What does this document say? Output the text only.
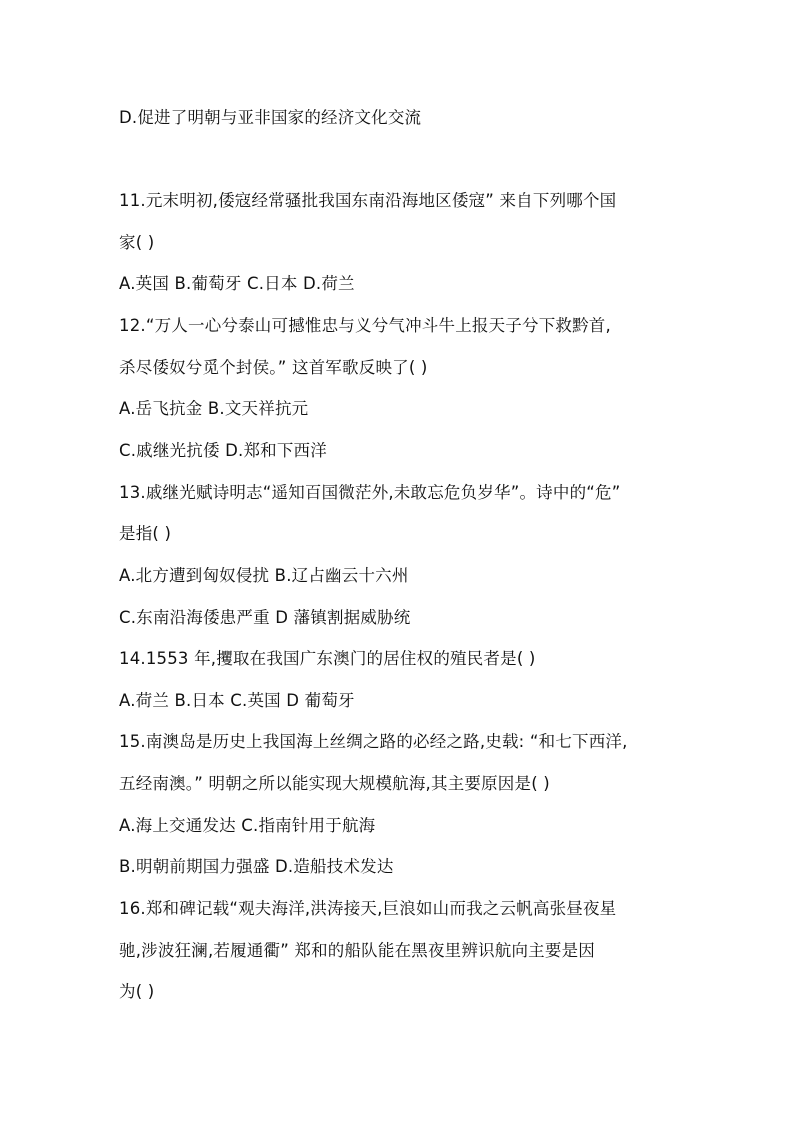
D.促进了明朝与亚非国家的经济文化交流
11.元末明初,倭寇经常骚批我国东南沿海地区倭寇” 来自下列哪个国
家( )
A.英国 B.葡萄牙 C.日本 D.荷兰
12.“万人一心兮泰山可撼惟忠与义兮气冲斗牛上报天子兮下救黔首,
杀尽倭奴兮觅个封侯。” 这首军歌反映了( )
A.岳飞抗金 B.文天祥抗元
C.戚继光抗倭 D.郑和下西洋
13.戚继光赋诗明志“遥知百国微茫外,未敢忘危负岁华”。诗中的“危”
是指( )
A.北方遭到匈奴侵扰 B.辽占幽云十六州
C.东南沿海倭患严重 D 藩镇割据威胁统
14.1553 年,攫取在我国广东澳门的居住权的殖民者是( )
A.荷兰 B.日本 C.英国 D 葡萄牙
15.南澳岛是历史上我国海上丝绸之路的必经之路,史载: “和七下西洋,
五经南澳。” 明朝之所以能实现大规模航海,其主要原因是( )
A.海上交通发达 C.指南针用于航海
B.明朝前期国力强盛 D.造船技术发达
16.郑和碑记载“观夫海洋,洪涛接天,巨浪如山而我之云帆高张昼夜星
驰,涉波狂澜,若履通衢” 郑和的船队能在黑夜里辨识航向主要是因
为( )
